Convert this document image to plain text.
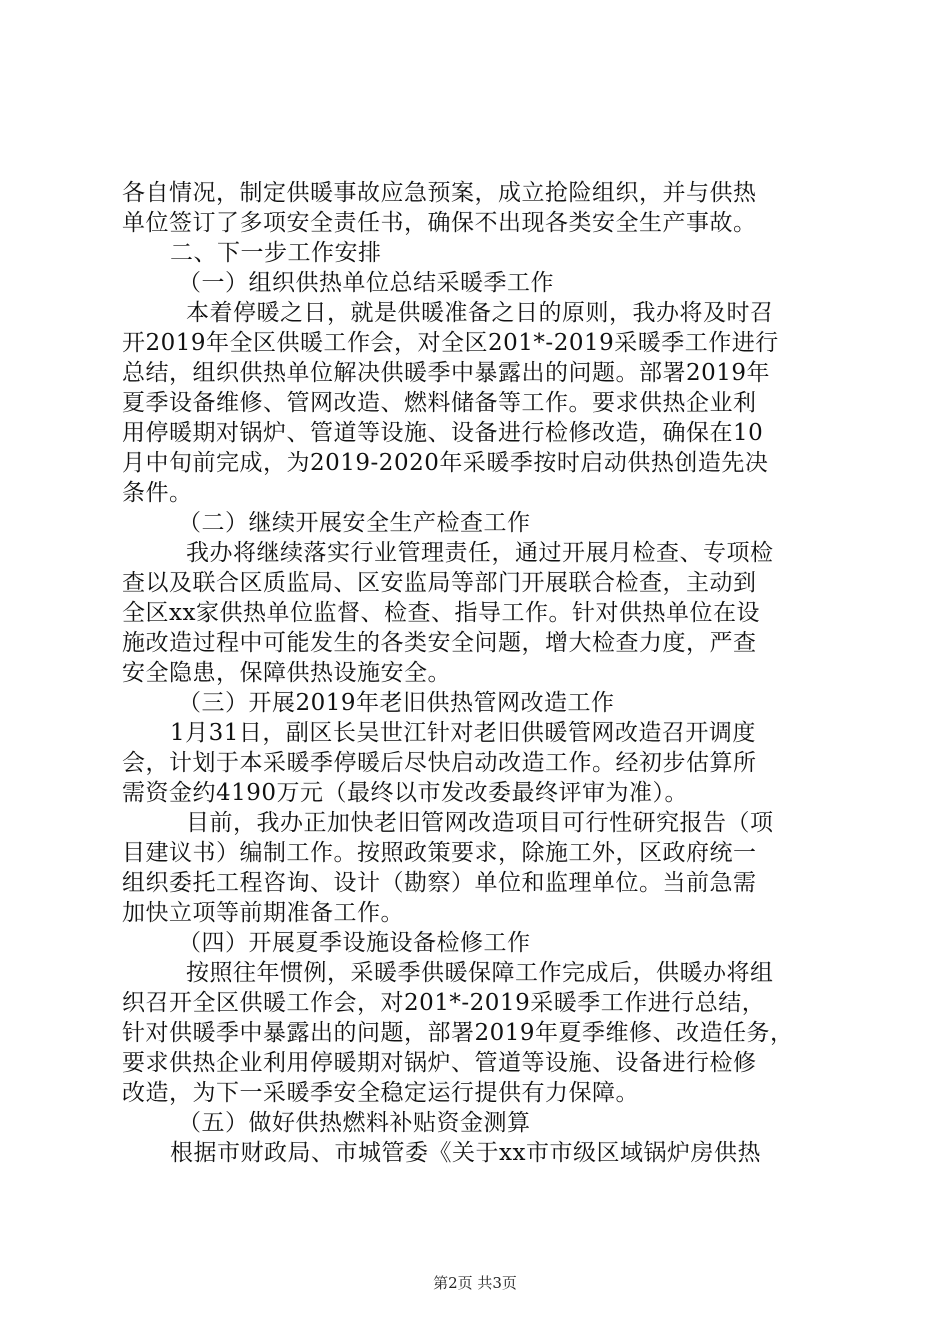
各自情况，制定供暖事故应急预案，成立抢险组织，并与供热
单位签订了多项安全责任书，确保不出现各类安全生产事故。
二、下一步工作安排
（一）组织供热单位总结采暖季工作
本着停暖之日，就是供暖准备之日的原则，我办将及时召
开2019年全区供暖工作会，对全区201*-2019采暖季工作进行
总结，组织供热单位解决供暖季中暴露出的问题。部署2019年
夏季设备维修、管网改造、燃料储备等工作。要求供热企业利
用停暖期对锅炉、管道等设施、设备进行检修改造，确保在10
月中旬前完成，为2019-2020年采暖季按时启动供热创造先决
条件。
（二）继续开展安全生产检查工作
我办将继续落实行业管理责任，通过开展月检查、专项检
查以及联合区质监局、区安监局等部门开展联合检查，主动到
全区xx家供热单位监督、检查、指导工作。针对供热单位在设
施改造过程中可能发生的各类安全问题，增大检查力度，严查
安全隐患，保障供热设施安全。
（三）开展2019年老旧供热管网改造工作
1月31日，副区长吴世江针对老旧供暖管网改造召开调度
会，计划于本采暖季停暖后尽快启动改造工作。经初步估算所
需资金约4190万元（最终以市发改委最终评审为准）。
目前，我办正加快老旧管网改造项目可行性研究报告（项
目建议书）编制工作。按照政策要求，除施工外，区政府统一
组织委托工程咨询、设计（勘察）单位和监理单位。当前急需
加快立项等前期准备工作。
（四）开展夏季设施设备检修工作
按照往年惯例，采暖季供暖保障工作完成后，供暖办将组
织召开全区供暖工作会，对201*-2019采暖季工作进行总结，
针对供暖季中暴露出的问题，部署2019年夏季维修、改造任务，
要求供热企业利用停暖期对锅炉、管道等设施、设备进行检修
改造，为下一采暖季安全稳定运行提供有力保障。
（五）做好供热燃料补贴资金测算
根据市财政局、市城管委《关于xx市市级区域锅炉房供热
第2页 共3页
